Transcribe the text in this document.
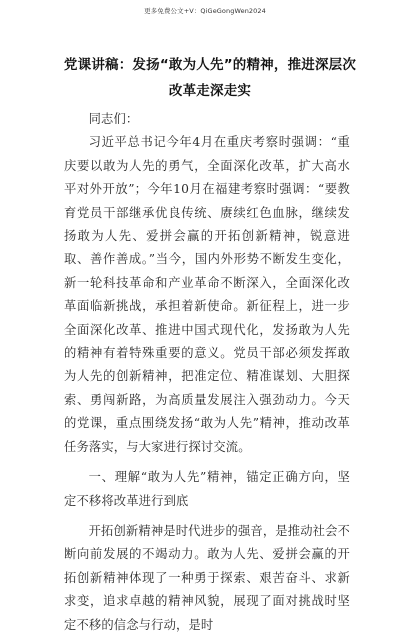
更多免费公文+V：QiGeGongWen2024
党课讲稿：发扬“敢为人先”的精神，推进深层次改革走深走实

同志们：

习近平总书记今年4月在重庆考察时强调：“重庆要以敢为人先的勇气，全面深化改革，扩大高水平对外开放”；今年10月在福建考察时强调：“要教育党员干部继承优良传统、赓续红色血脉，继续发扬敢为人先、爱拼会赢的开拓创新精神，锐意进取、善作善成。”当今，国内外形势不断发生变化，新一轮科技革命和产业革命不断深入，全面深化改革面临新挑战，承担着新使命。新征程上，进一步全面深化改革、推进中国式现代化，发扬敢为人先的精神有着特殊重要的意义。党员干部必须发挥敢为人先的创新精神，把准定位、精准谋划、大胆探索、勇闯新路，为高质量发展注入强劲动力。今天的党课，重点围绕发扬“敢为人先”精神，推动改革任务落实，与大家进行探讨交流。

一、理解“敢为人先”精神，锚定正确方向，坚定不移将改革进行到底

开拓创新精神是时代进步的强音，是推动社会不断向前发展的不竭动力。敢为人先、爱拼会赢的开拓创新精神体现了一种勇于探索、艰苦奋斗、求新求变，追求卓越的精神风貌，展现了面对挑战时坚定不移的信念与行动，是时
